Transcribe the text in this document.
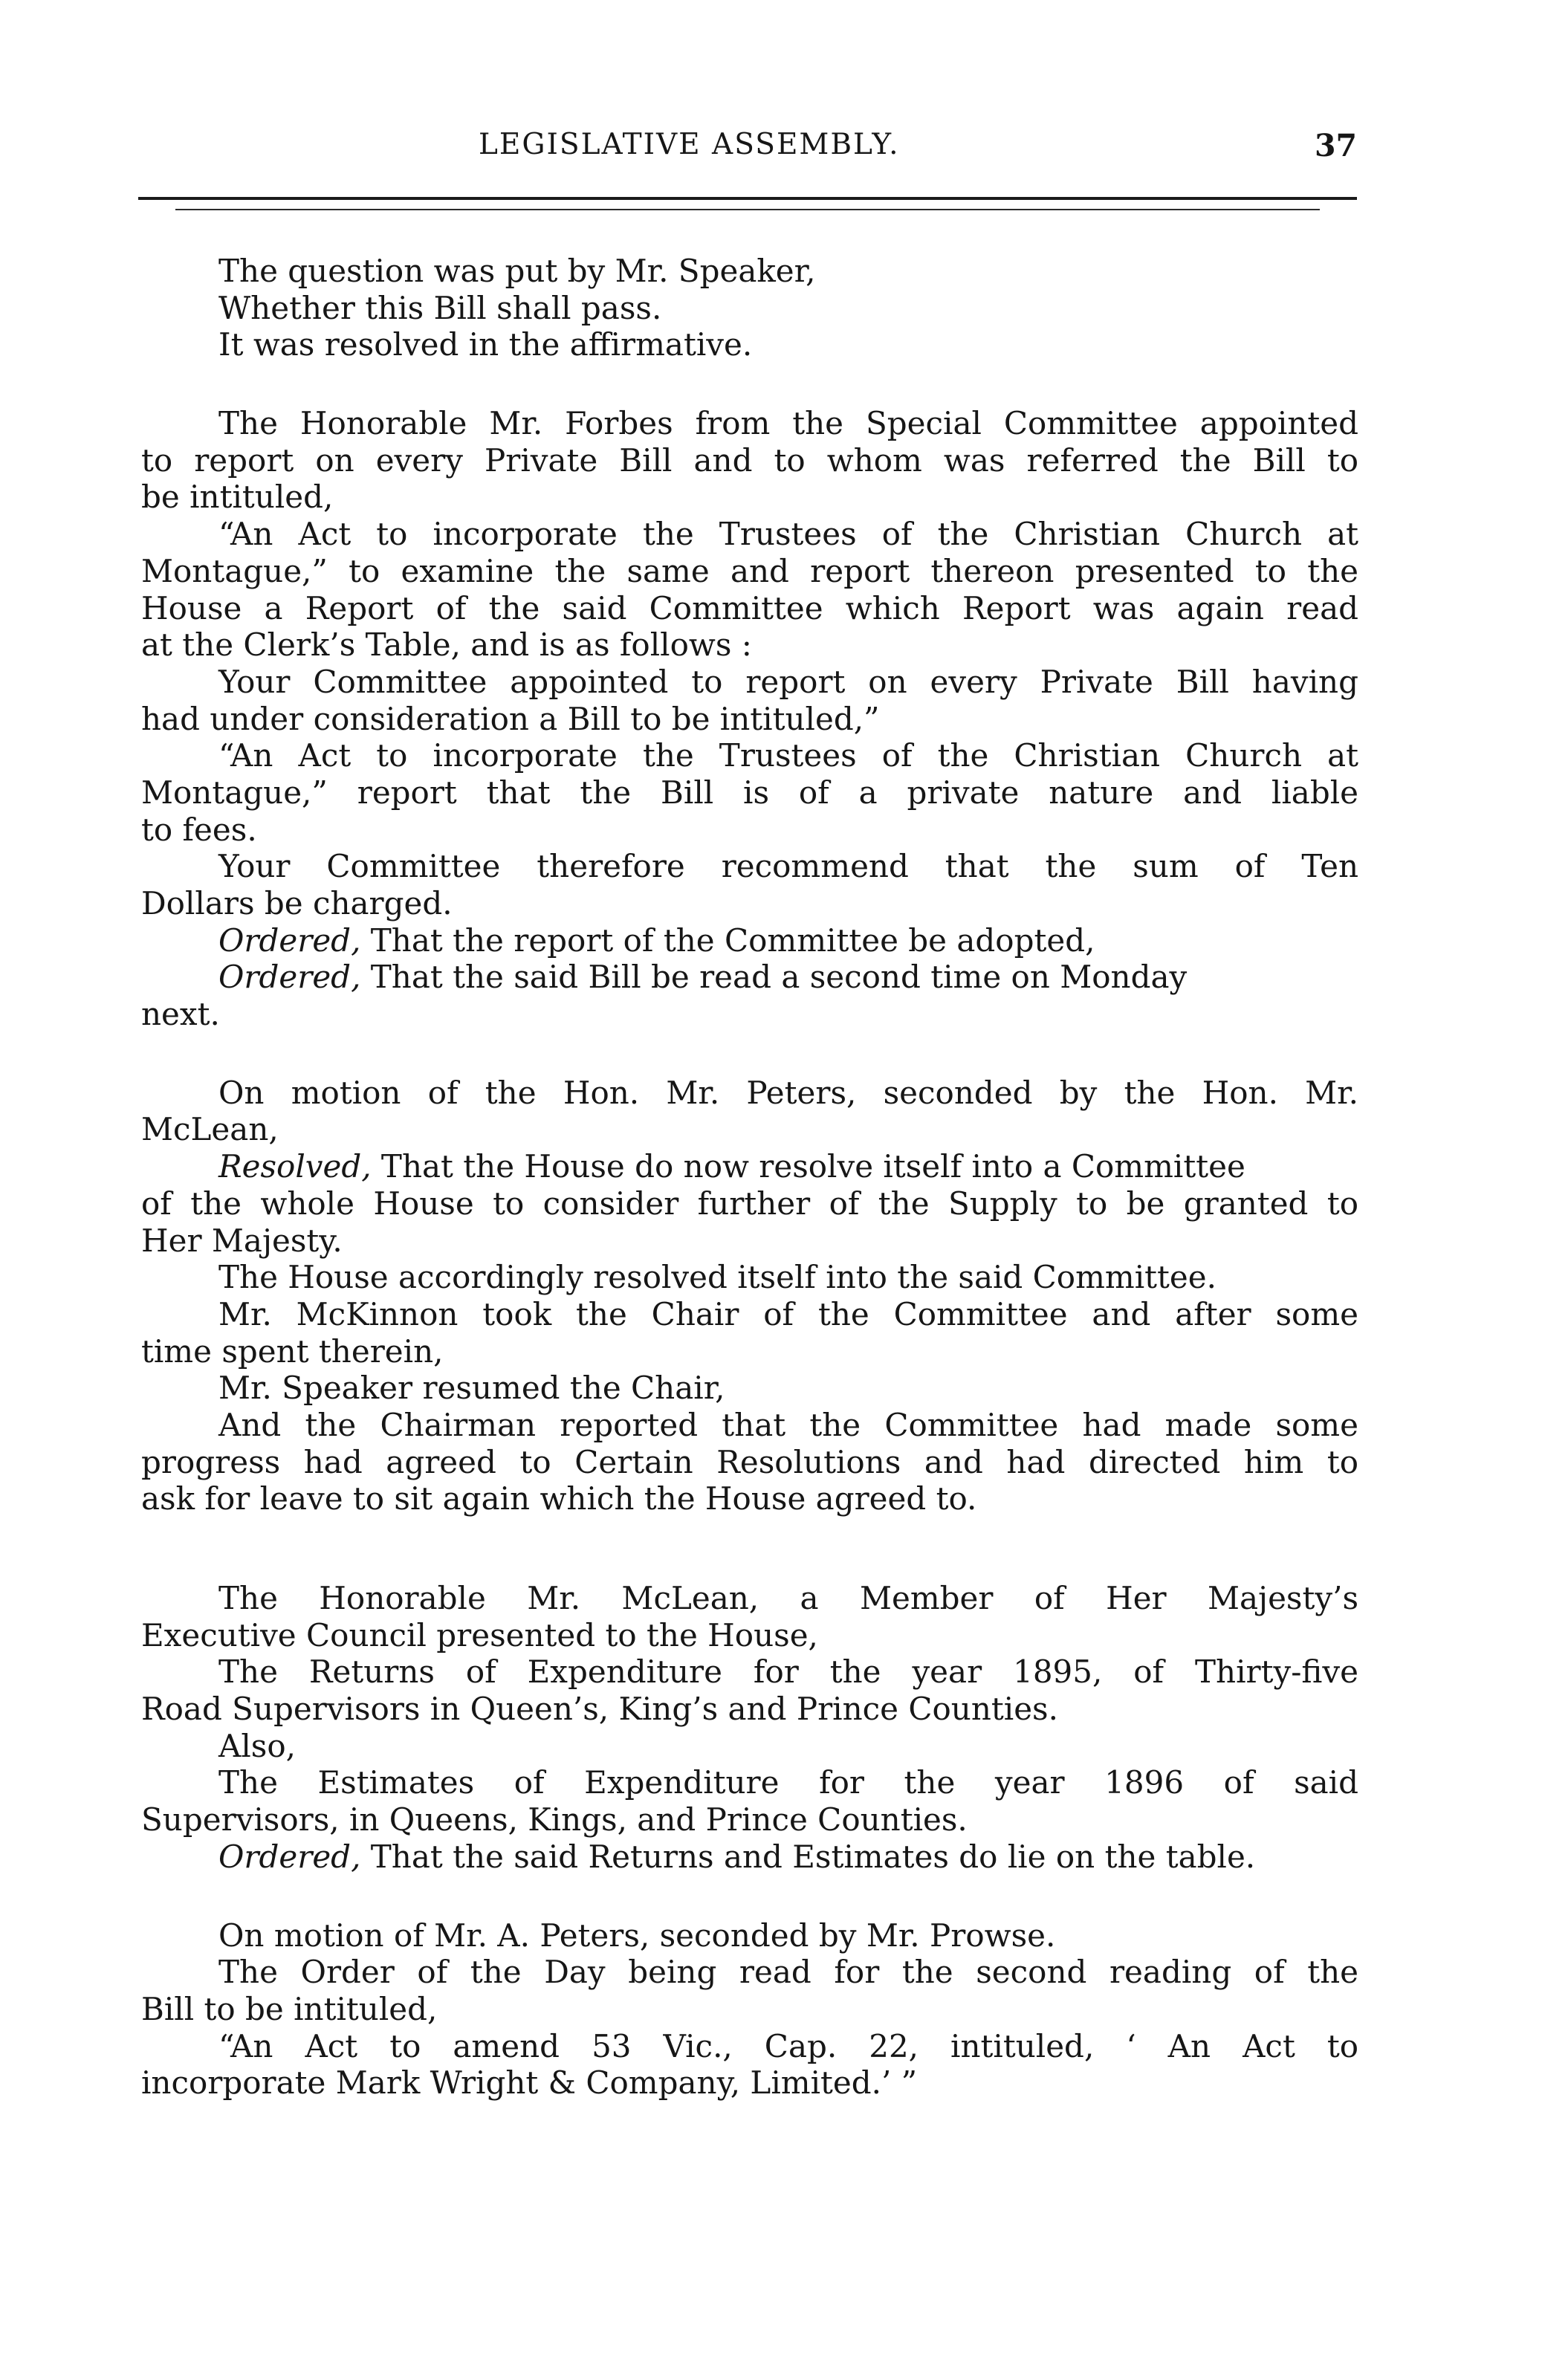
LEGISLATIVE ASSEMBLY.	37
The question was put by Mr. Speaker,
Whether this Bill shall pass.
It was resolved in the affirmative.
The Honorable Mr. Forbes from the Special Committee appointed
to report on every Private Bill and to whom was referred the Bill to
be intituled,
“An Act to incorporate the Trustees of the Christian Church at
Montague,” to examine the same and report thereon presented to the
House a Report of the said Committee which Report was again read
at the Clerk’s Table, and is as follows :
Your Committee appointed to report on every Private Bill having
had under consideration a Bill to be intituled,”
“An Act to incorporate the Trustees of the Christian Church at
Montague,” report that the Bill is of a private nature and liable
to fees.
Your Committee therefore recommend that the sum of Ten
Dollars be charged.
Ordered, That the report of the Committee be adopted,
Ordered, That the said Bill be read a second time on Monday
next.
On motion of the Hon. Mr. Peters, seconded by the Hon. Mr.
McLean,
Resolved, That the House do now resolve itself into a Committee
of the whole House to consider further of the Supply to be granted to
Her Majesty.
The House accordingly resolved itself into the said Committee.
Mr. McKinnon took the Chair of the Committee and after some
time spent therein,
Mr. Speaker resumed the Chair,
And the Chairman reported that the Committee had made some
progress had agreed to Certain Resolutions and had directed him to
ask for leave to sit again which the House agreed to.
The Honorable Mr. McLean, a Member of Her Majesty’s
Executive Council presented to the House,
The Returns of Expenditure for the year 1895, of Thirty-five
Road Supervisors in Queen’s, King’s and Prince Counties.
Also,
The Estimates of Expenditure for the year 1896 of said
Supervisors, in Queens, Kings, and Prince Counties.
Ordered, That the said Returns and Estimates do lie on the table.
On motion of Mr. A. Peters, seconded by Mr. Prowse.
The Order of the Day being read for the second reading of the
Bill to be intituled,
“An Act to amend 53 Vic., Cap. 22, intituled, ‘ An Act to
incorporate Mark Wright & Company, Limited.’ ”
